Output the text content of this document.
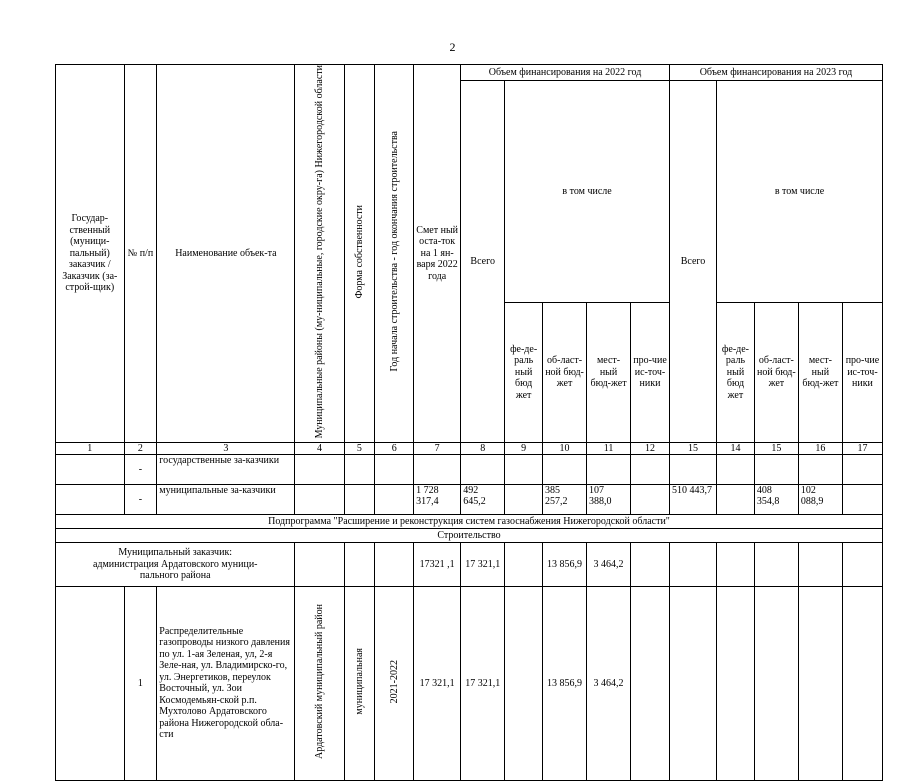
2
Государ-ственный (муници-пальный) заказчик / Заказчик (за-строй-щик)	№ п/п	Наименование объек-та	Муниципальные районы (му-ниципальные, городские окру-га) Нижегородской области	Форма собственности	Год начала строительства - год окончания строительства	Смет ный оста-ток на 1 ян-варя 2022 года	Объем финансирования на 2022 год					Объем финансирования на 2023 год				
							Всего	в том числе				Всего	в том числе			
								фе-де-раль ный бюд жет	об-ласт-ной бюд-жет	мест-ный бюд-жет	про-чие ис-точ-ники		фе-де-раль ный бюд жет	об-ласт-ной бюд-жет	мест-ный бюд-жет	про-чие ис-точ-ники
1	2	3	4	5	6	7	8	9	10	11	12	15	14	15	16	17
	-	государственные за-казчики														
	-	муниципальные за-казчики				1 728 317,4	492 645,2		385 257,2	107 388,0		510 443,7		408 354,8	102 088,9	
Подпрограмма "Расширение и реконструкция систем газоснабжения Нижегородской области"																
Строительство																
Муниципальный заказчик: администрация Ардатовского муници-пального района						17321 ,1	17 321,1		13 856,9	3 464,2						
	1	Распределительные газопроводы низкого давления по ул. 1-ая Зеленая, ул, 2-я Зеле-ная, ул. Владимирско-го, ул. Энергетиков, переулок Восточный, ул. Зои Космодемьян-ской р.п. Мухтолово Ардатовского района Нижегородской обла-сти	Ардатовский муниципальный район	муниципальная	2021-2022	17 321,1	17 321,1		13 856,9	3 464,2						
